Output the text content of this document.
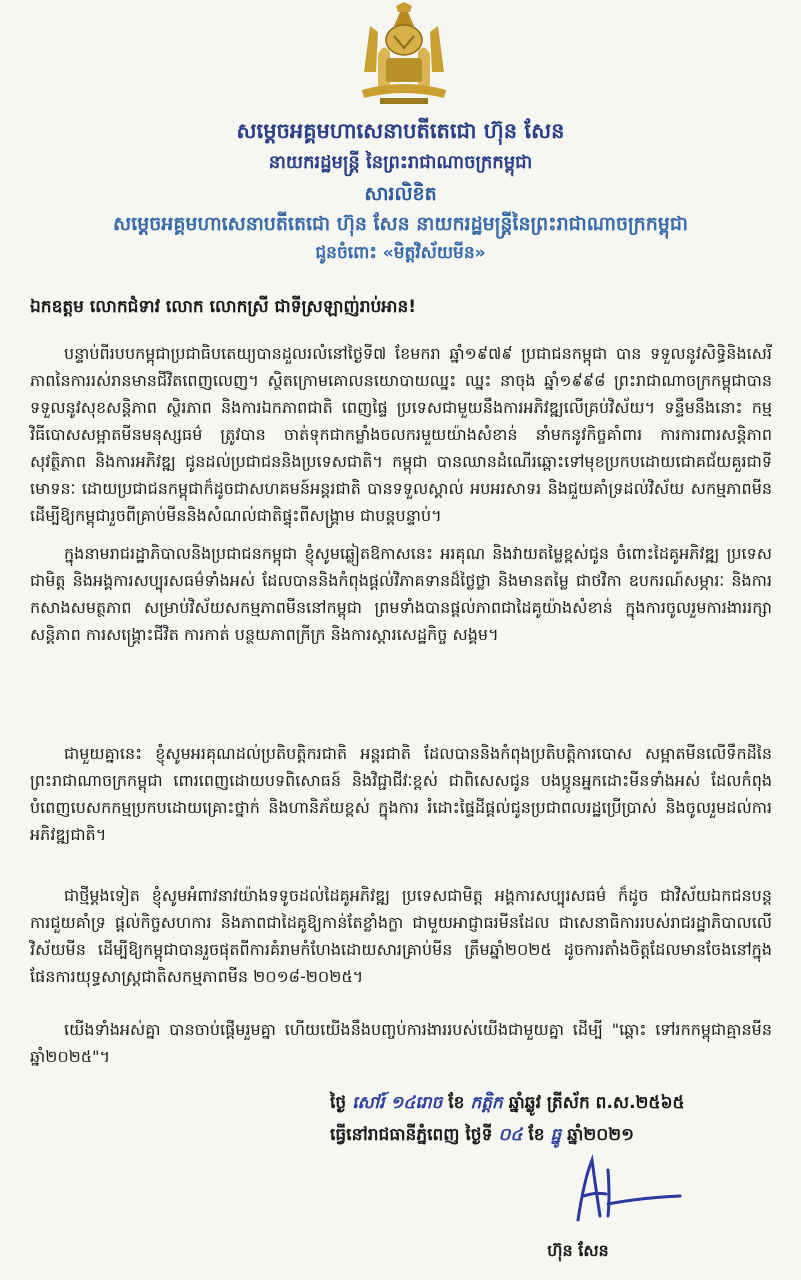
សម្តេចអគ្គមហាសេនាបតីតេជោ ហ៊ុន សែន
នាយករដ្ឋមន្ត្រី នៃព្រះរាជាណាចក្រកម្ពុជា
សារលិខិត
សម្តេចអគ្គមហាសេនាបតីតេជោ ហ៊ុន សែន នាយករដ្ឋមន្ត្រីនៃព្រះរាជាណាចក្រកម្ពុជា
ជូនចំពោះ «មិត្តវិស័យមីន»
ឯកឧត្តម លោកជំទាវ លោក លោកស្រី ជាទីស្រឡាញ់រាប់អាន!

បន្ទាប់ពីរបបកម្ពុជាប្រជាធិបតេយ្យបានដួលរលំនៅថ្ងៃទី៧ ខែមករា ឆ្នាំ១៩៧៩ ប្រជាជនកម្ពុជា បាន ទទួលនូវសិទ្ធិនិងសេរីភាពនៃការរស់រានមានជីវិតពេញលេញ។ ស្ថិតក្រោមគោលនយោបាយឈ្នះ ឈ្នះ នាចុង ឆ្នាំ១៩៩៨ ព្រះរាជាណាចក្រកម្ពុជាបានទទួលនូវសុខសន្តិភាព ស្ថិរភាព និងការឯកភាពជាតិ ពេញផ្ទៃ ប្រទេសជាមួយនឹងការអភិវឌ្ឍលើគ្រប់វិស័យ។ ទន្ទឹមនឹងនោះ កម្មវិធីបោសសម្អាតមីនមនុស្សធម៌ ត្រូវបាន ចាត់ទុកជាកម្លាំងចលករមួយយ៉ាងសំខាន់ នាំមកនូវកិច្ចគាំពារ ការការពារសន្តិភាព សុវត្ថិភាព និងការអភិវឌ្ឍ ជូនដល់ប្រជាជននិងប្រទេសជាតិ។ កម្ពុជា បានឈានដំណើរឆ្ពោះទៅមុខប្រកបដោយជោគជ័យគួរជាទីមោទនៈ ដោយប្រជាជនកម្ពុជាក៏ដូចជាសហគមន៍អន្តរជាតិ បានទទួលស្គាល់ អបអរសាទរ និងជួយគាំទ្រដល់វិស័យ សកម្មភាពមីន ដើម្បីឱ្យកម្ពុជារួចពីគ្រាប់មីននិងសំណល់ជាតិផ្ទុះពីសង្គ្រាម ជាបន្តបន្ទាប់។

ក្នុងនាមរាជរដ្ឋាភិបាលនិងប្រជាជនកម្ពុជា ខ្ញុំសូមឆ្លៀតឱកាសនេះ អរគុណ និងវាយតម្លៃខ្ពស់ជូន ចំពោះដៃគូអភិវឌ្ឍ ប្រទេសជាមិត្ត និងអង្គការសប្បុរសធម៌ទាំងអស់ ដែលបាននិងកំពុងផ្តល់វិភាគទានដ៏ថ្លៃថ្លា និងមានតម្លៃ ជាថវិកា ឧបករណ៍សម្ភារៈ និងការកសាងសមត្ថភាព សម្រាប់វិស័យសកម្មភាពមីននៅកម្ពុជា ព្រមទាំងបានផ្តល់ភាពជាដៃគូយ៉ាងសំខាន់ ក្នុងការចូលរួមការងាររក្សាសន្តិភាព ការសង្គ្រោះជីវិត ការកាត់ បន្ថយភាពក្រីក្រ និងការស្តារសេដ្ឋកិច្ច សង្គម។

ជាមួយគ្នានេះ ខ្ញុំសូមអរគុណដល់ប្រតិបត្តិករជាតិ អន្តរជាតិ ដែលបាននិងកំពុងប្រតិបត្តិការបោស សម្អាតមីនលើទឹកដីនៃព្រះរាជាណាចក្រកម្ពុជា ពោរពេញដោយបទពិសោធន៍ និងវិជ្ជាជីវៈខ្ពស់ ជាពិសេសជូន បងប្អូនអ្នកដោះមីនទាំងអស់ ដែលកំពុងបំពេញបេសកកម្មប្រកបដោយគ្រោះថ្នាក់ និងហានិភ័យខ្ពស់ ក្នុងការ រំដោះផ្ទៃដីផ្តល់ជូនប្រជាពលរដ្ឋប្រើប្រាស់ និងចូលរួមដល់ការអភិវឌ្ឍជាតិ។

ជាថ្មីម្តងទៀត ខ្ញុំសូមអំពាវនាវយ៉ាងទទូចដល់ដៃគូអភិវឌ្ឍ ប្រទេសជាមិត្ត អង្គការសប្បុរសធម៌ ក៏ដូច ជាវិស័យឯកជនបន្តការជួយគាំទ្រ ផ្តល់កិច្ចសហការ និងភាពជាដៃគូឱ្យកាន់តែខ្លាំងក្លា ជាមួយអាជ្ញាធរមីនដែល ជាសេនាធិការរបស់រាជរដ្ឋាភិបាលលើវិស័យមីន ដើម្បីឱ្យកម្ពុជាបានរួចផុតពីការគំរាមកំហែងដោយសារគ្រាប់មីន ត្រឹមឆ្នាំ២០២៥ ដូចការតាំងចិត្តដែលមានចែងនៅក្នុងផែនការយុទ្ធសាស្ត្រជាតិសកម្មភាពមីន ២០១៨-២០២៥។

យើងទាំងអស់គ្នា បានចាប់ផ្តើមរួមគ្នា ហើយយើងនឹងបញ្ចប់ការងាររបស់យើងជាមួយគ្នា ដើម្បី "ឆ្ពោះ ទៅរកកម្ពុជាគ្មានមីនឆ្នាំ២០២៥"។

ថ្ងៃ សៅរ៍ ១៤រោច ខែ កត្តិក ឆ្នាំឆ្លូវ ត្រីស័ក ព.ស.២៥៦៥
ធ្វើនៅរាជធានីភ្នំពេញ ថ្ងៃទី ០៤ ខែ ធ្នូ ឆ្នាំ២០២១
ហ៊ុន សែន
